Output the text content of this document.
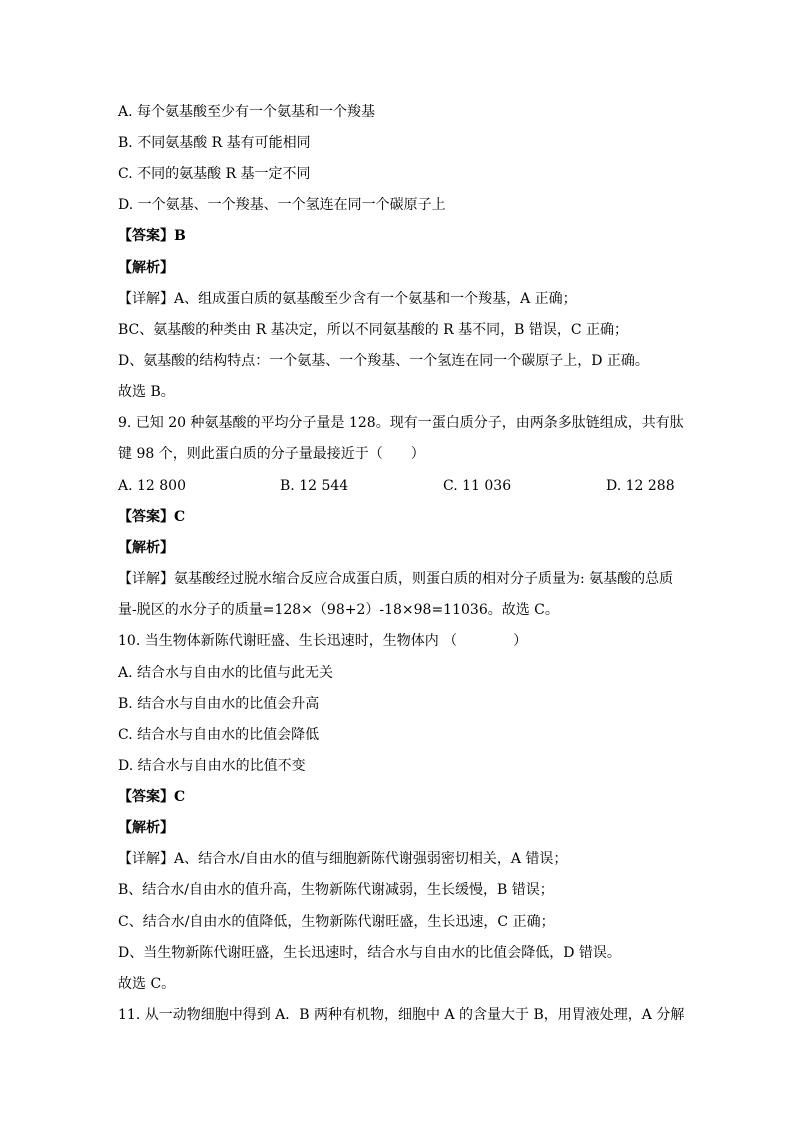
A. 每个氨基酸至少有一个氨基和一个羧基
B. 不同氨基酸 R 基有可能相同
C. 不同的氨基酸 R 基一定不同
D. 一个氨基、一个羧基、一个氢连在同一个碳原子上
【答案】B
【解析】
【详解】A、组成蛋白质的氨基酸至少含有一个氨基和一个羧基，A 正确；
BC、氨基酸的种类由 R 基决定，所以不同氨基酸的 R 基不同，B 错误，C 正确；
D、氨基酸的结构特点：一个氨基、一个羧基、一个氢连在同一个碳原子上，D 正确。
故选 B。
9. 已知 20 种氨基酸的平均分子量是 128。现有一蛋白质分子，由两条多肽链组成，共有肽
键 98 个，则此蛋白质的分子量最接近于（　　）
A. 12 800	B. 12 544	C. 11 036	D. 12 288
【答案】C
【解析】
【详解】氨基酸经过脱水缩合反应合成蛋白质，则蛋白质的相对分子质量为: 氨基酸的总质
量-脱区的水分子的质量=128×（98+2）-18×98=11036。故选 C。
10. 当生物体新陈代谢旺盛、生长迅速时，生物体内 （　　　　）
A. 结合水与自由水的比值与此无关
B. 结合水与自由水的比值会升高
C. 结合水与自由水的比值会降低
D. 结合水与自由水的比值不变
【答案】C
【解析】
【详解】A、结合水/自由水的值与细胞新陈代谢强弱密切相关，A 错误；
B、结合水/自由水的值升高，生物新陈代谢减弱，生长缓慢，B 错误；
C、结合水/自由水的值降低，生物新陈代谢旺盛，生长迅速，C 正确；
D、当生物新陈代谢旺盛，生长迅速时，结合水与自由水的比值会降低，D 错误。
故选 C。
11. 从一动物细胞中得到 A．B 两种有机物，细胞中 A 的含量大于 B，用胃液处理，A 分解
